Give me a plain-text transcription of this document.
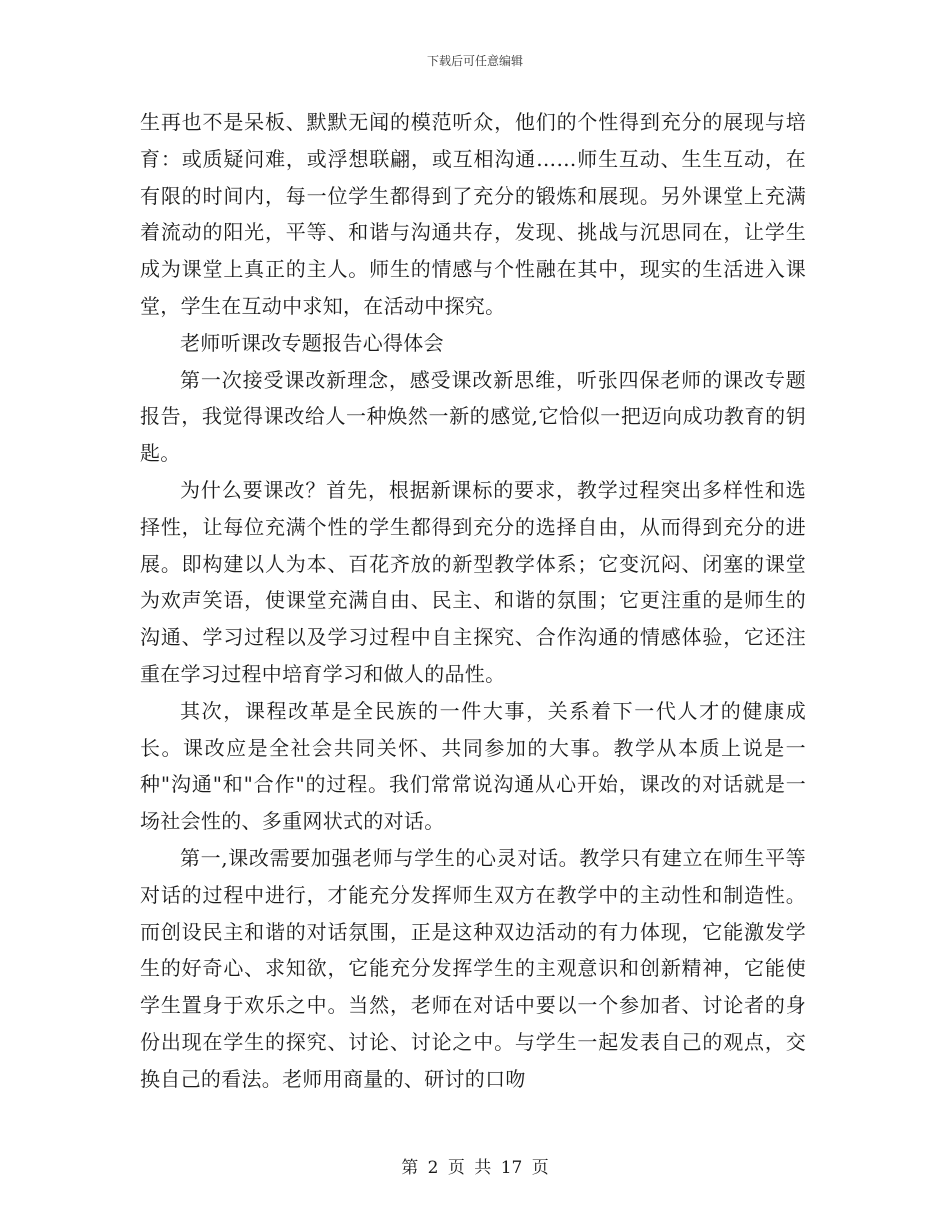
下载后可任意编辑

生再也不是呆板、默默无闻的模范听众，他们的个性得到充分的展现与培育：或质疑问难，或浮想联翩，或互相沟通……师生互动、生生互动，在有限的时间内，每一位学生都得到了充分的锻炼和展现。另外课堂上充满着流动的阳光，平等、和谐与沟通共存，发现、挑战与沉思同在，让学生成为课堂上真正的主人。师生的情感与个性融在其中，现实的生活进入课堂，学生在互动中求知，在活动中探究。

老师听课改专题报告心得体会

第一次接受课改新理念，感受课改新思维，听张四保老师的课改专题报告，我觉得课改给人一种焕然一新的感觉,它恰似一把迈向成功教育的钥匙。

为什么要课改？首先，根据新课标的要求，教学过程突出多样性和选择性，让每位充满个性的学生都得到充分的选择自由，从而得到充分的进展。即构建以人为本、百花齐放的新型教学体系；它变沉闷、闭塞的课堂为欢声笑语，使课堂充满自由、民主、和谐的氛围；它更注重的是师生的沟通、学习过程以及学习过程中自主探究、合作沟通的情感体验，它还注重在学习过程中培育学习和做人的品性。

其次，课程改革是全民族的一件大事，关系着下一代人才的健康成长。课改应是全社会共同关怀、共同参加的大事。教学从本质上说是一种"沟通"和"合作"的过程。我们常常说沟通从心开始，课改的对话就是一场社会性的、多重网状式的对话。

第一,课改需要加强老师与学生的心灵对话。教学只有建立在师生平等对话的过程中进行，才能充分发挥师生双方在教学中的主动性和制造性。而创设民主和谐的对话氛围，正是这种双边活动的有力体现，它能激发学生的好奇心、求知欲，它能充分发挥学生的主观意识和创新精神，它能使学生置身于欢乐之中。当然，老师在对话中要以一个参加者、讨论者的身份出现在学生的探究、讨论、讨论之中。与学生一起发表自己的观点，交换自己的看法。老师用商量的、研讨的口吻

第 2 页 共 17 页
